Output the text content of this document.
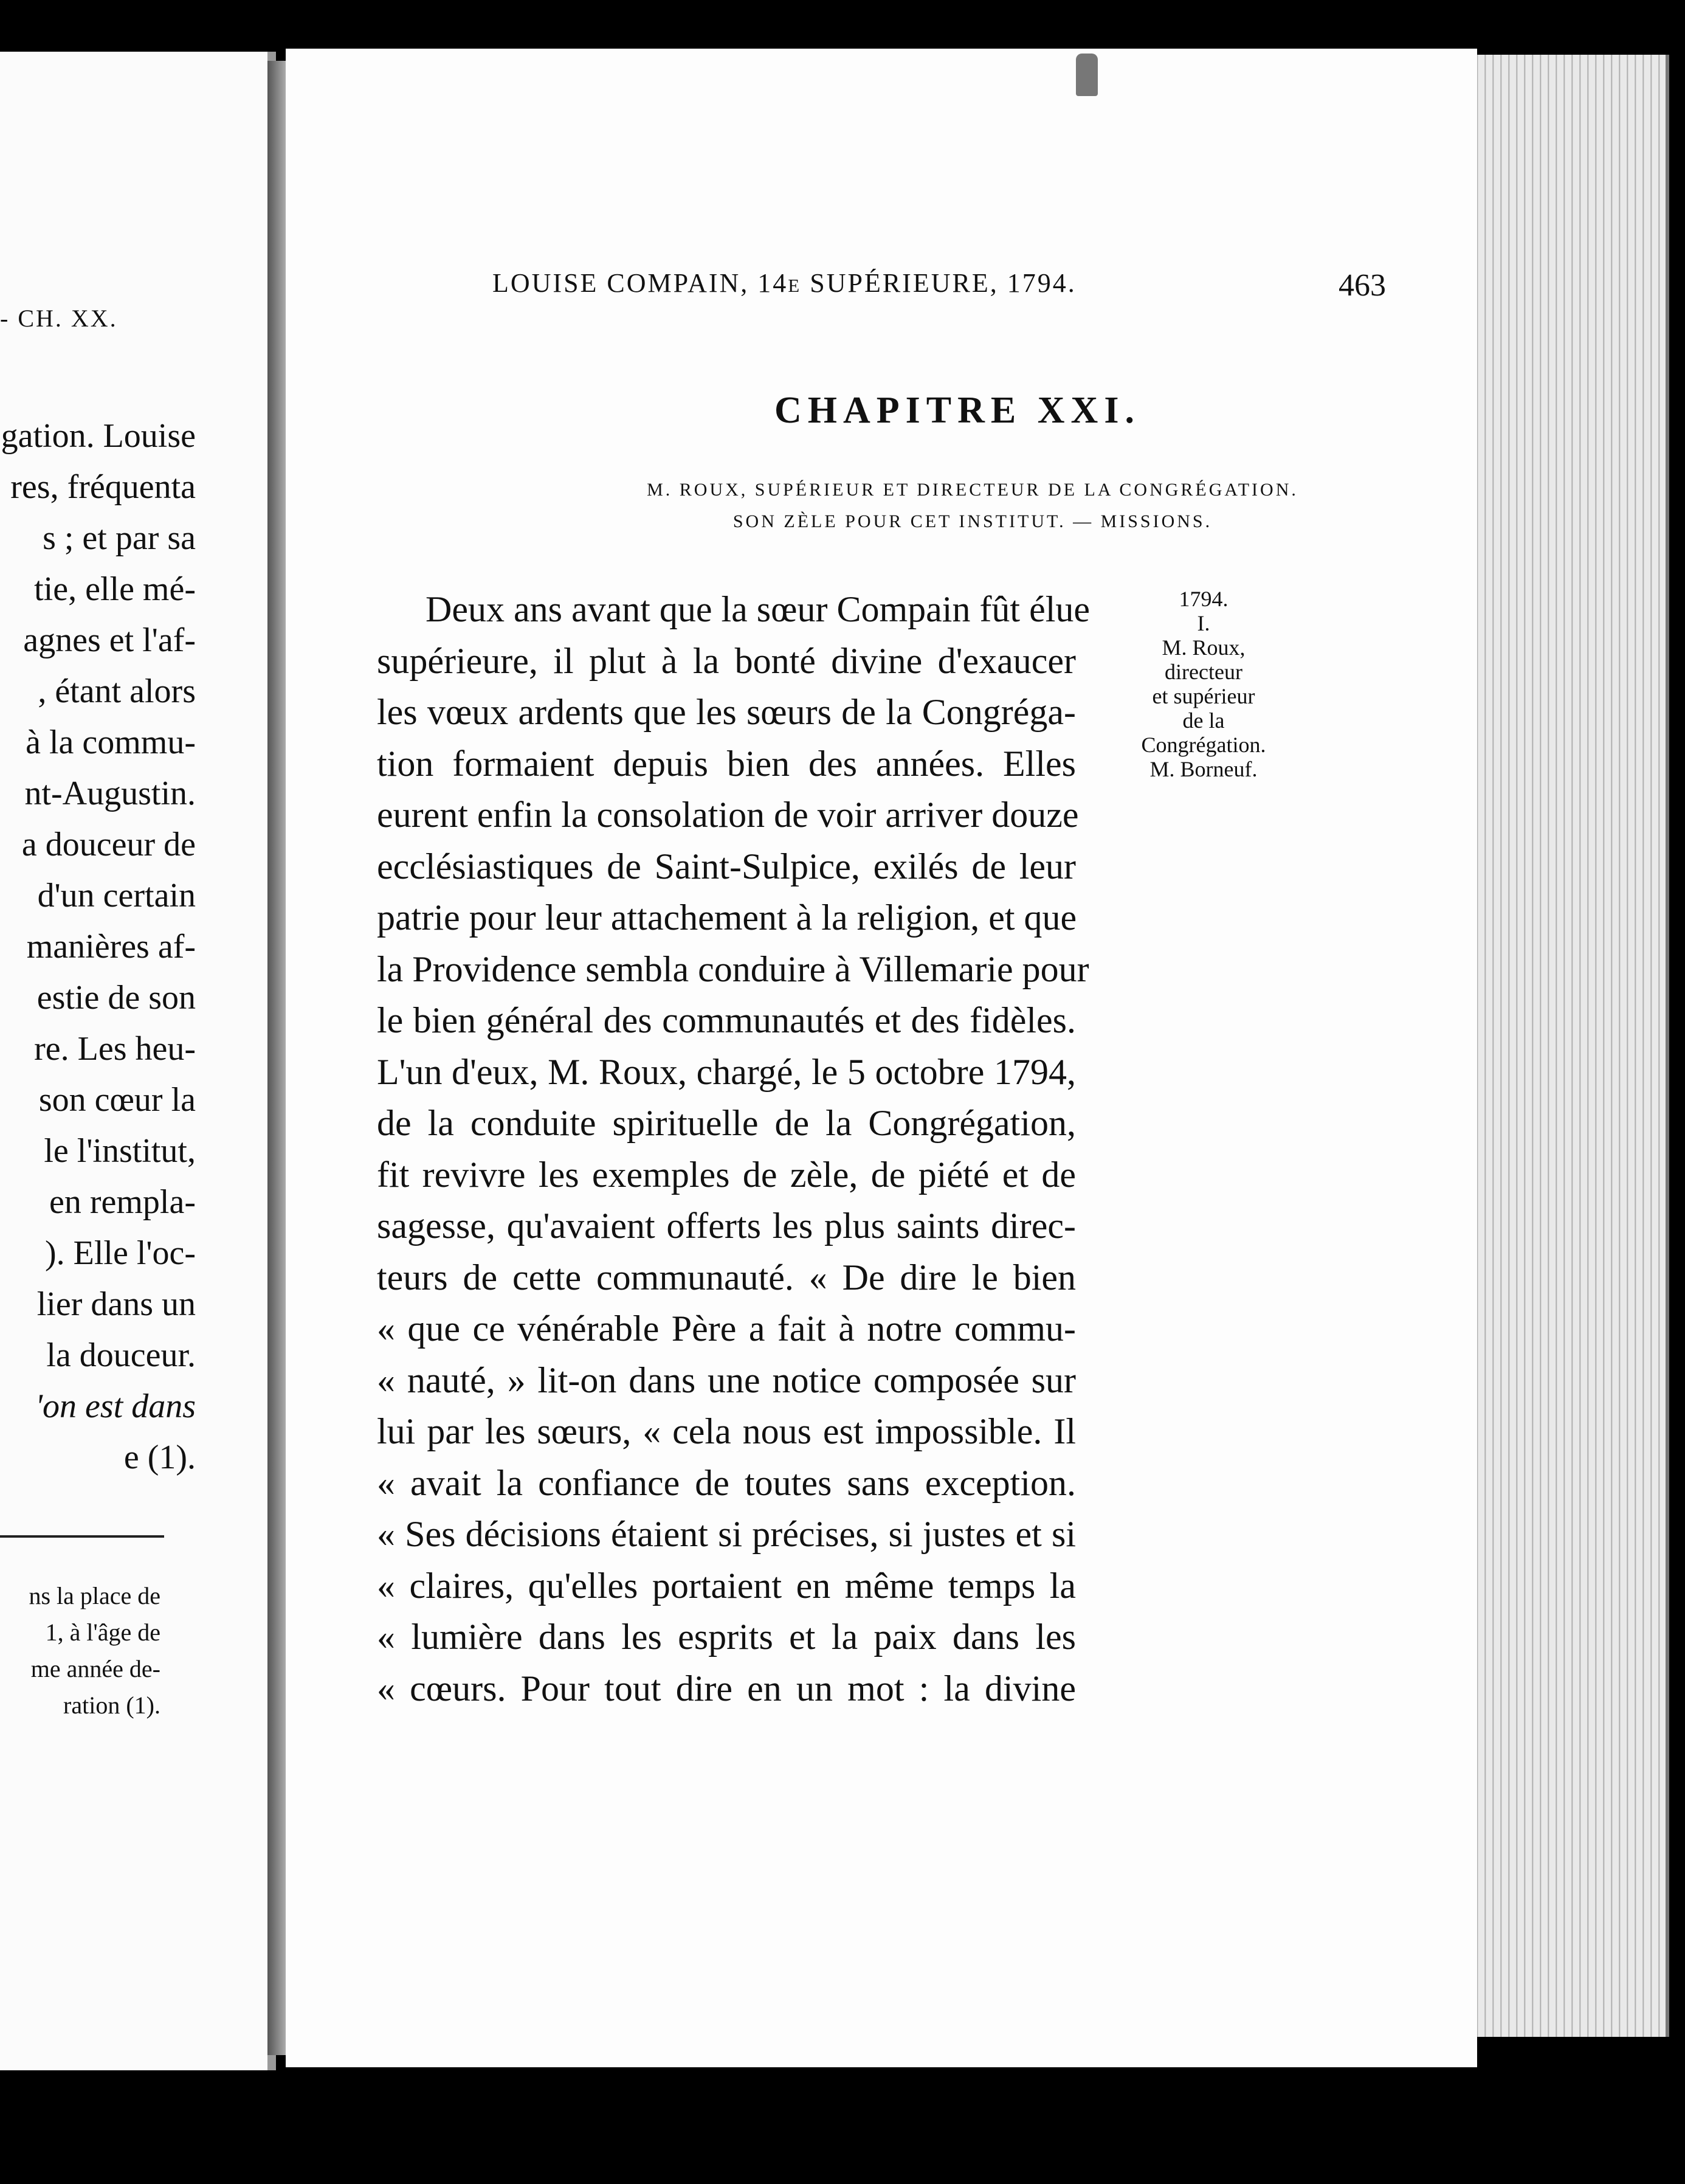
- CH. XX.
gation. Louise
res, fréquenta
s ; et par sa
tie, elle mé-
agnes et l'af-
, étant alors
à la commu-
nt-Augustin.
a douceur de
d'un certain
manières af-
estie de son
re. Les heu-
son cœur la
le l'institut,
en rempla-
). Elle l'oc-
lier dans un
la douceur.
'on est dans
e (1).
ns la place de
1, à l'âge de
me année de-
ration (1).
LOUISE COMPAIN, 14e SUPÉRIEURE, 1794.	463
CHAPITRE XXI.
M. ROUX, SUPÉRIEUR ET DIRECTEUR DE LA CONGRÉGATION.
SON ZÈLE POUR CET INSTITUT. — MISSIONS.
1794.
I.
M. Roux,
directeur
et supérieur
de la
Congrégation.
M. Borneuf.
Deux ans avant que la sœur Compain fût élue
supérieure, il plut à la bonté divine d'exaucer
les vœux ardents que les sœurs de la Congréga-
tion formaient depuis bien des années. Elles
eurent enfin la consolation de voir arriver douze
ecclésiastiques de Saint-Sulpice, exilés de leur
patrie pour leur attachement à la religion, et que
la Providence sembla conduire à Villemarie pour
le bien général des communautés et des fidèles.
L'un d'eux, M. Roux, chargé, le 5 octobre 1794,
de la conduite spirituelle de la Congrégation,
fit revivre les exemples de zèle, de piété et de
sagesse, qu'avaient offerts les plus saints direc-
teurs de cette communauté. « De dire le bien
« que ce vénérable Père a fait à notre commu-
« nauté, » lit-on dans une notice composée sur
lui par les sœurs, « cela nous est impossible. Il
« avait la confiance de toutes sans exception.
« Ses décisions étaient si précises, si justes et si
« claires, qu'elles portaient en même temps la
« lumière dans les esprits et la paix dans les
« cœurs. Pour tout dire en un mot : la divine
